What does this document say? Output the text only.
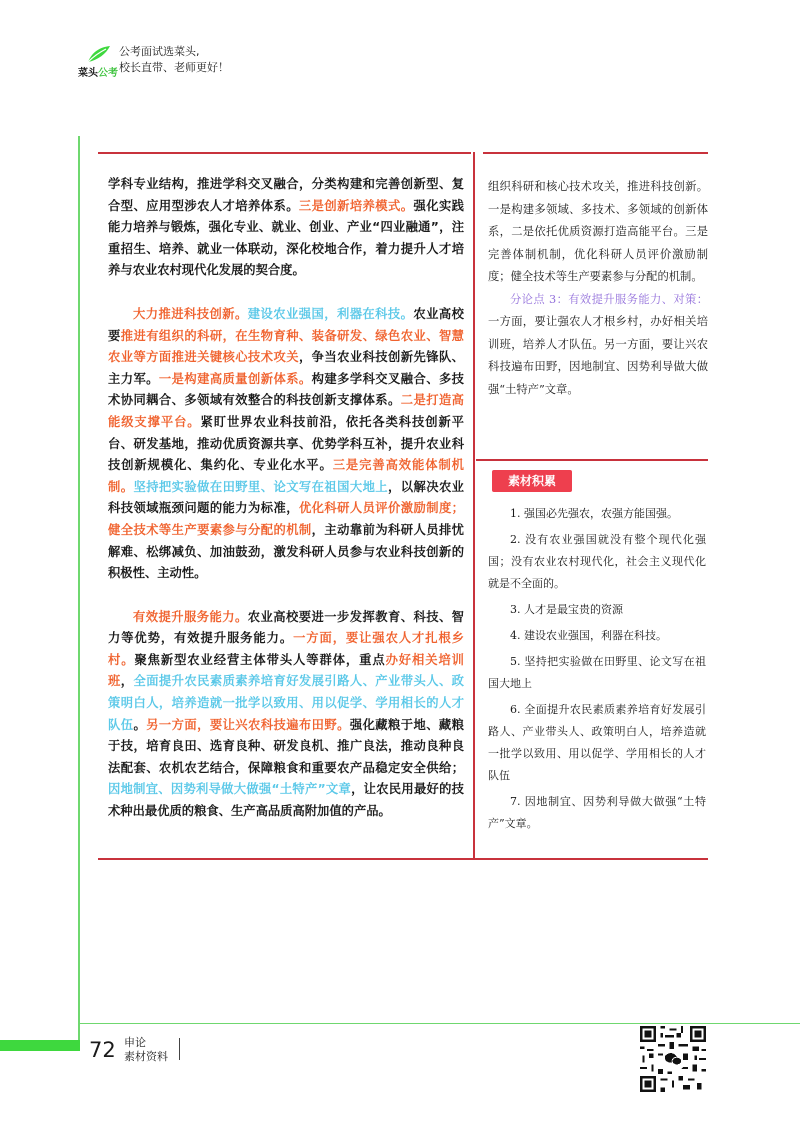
菜头公考
公考面试选菜头,
校长直带、老师更好！

学科专业结构，推进学科交叉融合，分类构建和完善创新型、复合型、应用型涉农人才培养体系。三是创新培养模式。强化实践能力培养与锻炼，强化专业、就业、创业、产业“四业融通”，注重招生、培养、就业一体联动，深化校地合作，着力提升人才培养与农业农村现代化发展的契合度。

大力推进科技创新。建设农业强国，利器在科技。农业高校要推进有组织的科研，在生物育种、装备研发、绿色农业、智慧农业等方面推进关键核心技术攻关，争当农业科技创新先锋队、主力军。一是构建高质量创新体系。构建多学科交叉融合、多技术协同耦合、多领域有效整合的科技创新支撑体系。二是打造高能级支撑平台。紧盯世界农业科技前沿，依托各类科技创新平台、研发基地，推动优质资源共享、优势学科互补，提升农业科技创新规模化、集约化、专业化水平。三是完善高效能体制机制。坚持把实验做在田野里、论文写在祖国大地上，以解决农业科技领域瓶颈问题的能力为标准，优化科研人员评价激励制度；健全技术等生产要素参与分配的机制，主动靠前为科研人员排忧解难、松绑减负、加油鼓劲，激发科研人员参与农业科技创新的积极性、主动性。

有效提升服务能力。农业高校要进一步发挥教育、科技、智力等优势，有效提升服务能力。一方面，要让强农人才扎根乡村。聚焦新型农业经营主体带头人等群体，重点办好相关培训班，全面提升农民素质素养培育好发展引路人、产业带头人、政策明白人，培养造就一批学以致用、用以促学、学用相长的人才队伍。另一方面，要让兴农科技遍布田野。强化藏粮于地、藏粮于技，培育良田、选育良种、研发良机、推广良法，推动良种良法配套、农机农艺结合，保障粮食和重要农产品稳定安全供给；因地制宜、因势利导做大做强“土特产”文章，让农民用最好的技术种出最优质的粮食、生产高品质高附加值的产品。

组织科研和核心技术攻关，推进科技创新。一是构建多领域、多技术、多领域的创新体系，二是依托优质资源打造高能平台。三是完善体制机制，优化科研人员评价激励制度；健全技术等生产要素参与分配的机制。

分论点 3：有效提升服务能力、对策：一方面，要让强农人才根乡村，办好相关培训班，培养人才队伍。另一方面，要让兴农科技遍布田野，因地制宜、因势利导做大做强“土特产”文章。

素材积累

1. 强国必先强农，农强方能国强。

2. 没有农业强国就没有整个现代化强国；没有农业农村现代化，社会主义现代化就是不全面的。

3. 人才是最宝贵的资源

4. 建设农业强国，利器在科技。

5. 坚持把实验做在田野里、论文写在祖国大地上

6. 全面提升农民素质素养培育好发展引路人、产业带头人、政策明白人，培养造就一批学以致用、用以促学、学用相长的人才队伍

7. 因地制宜、因势利导做大做强“土特产”文章。

72 申论
素材资料
